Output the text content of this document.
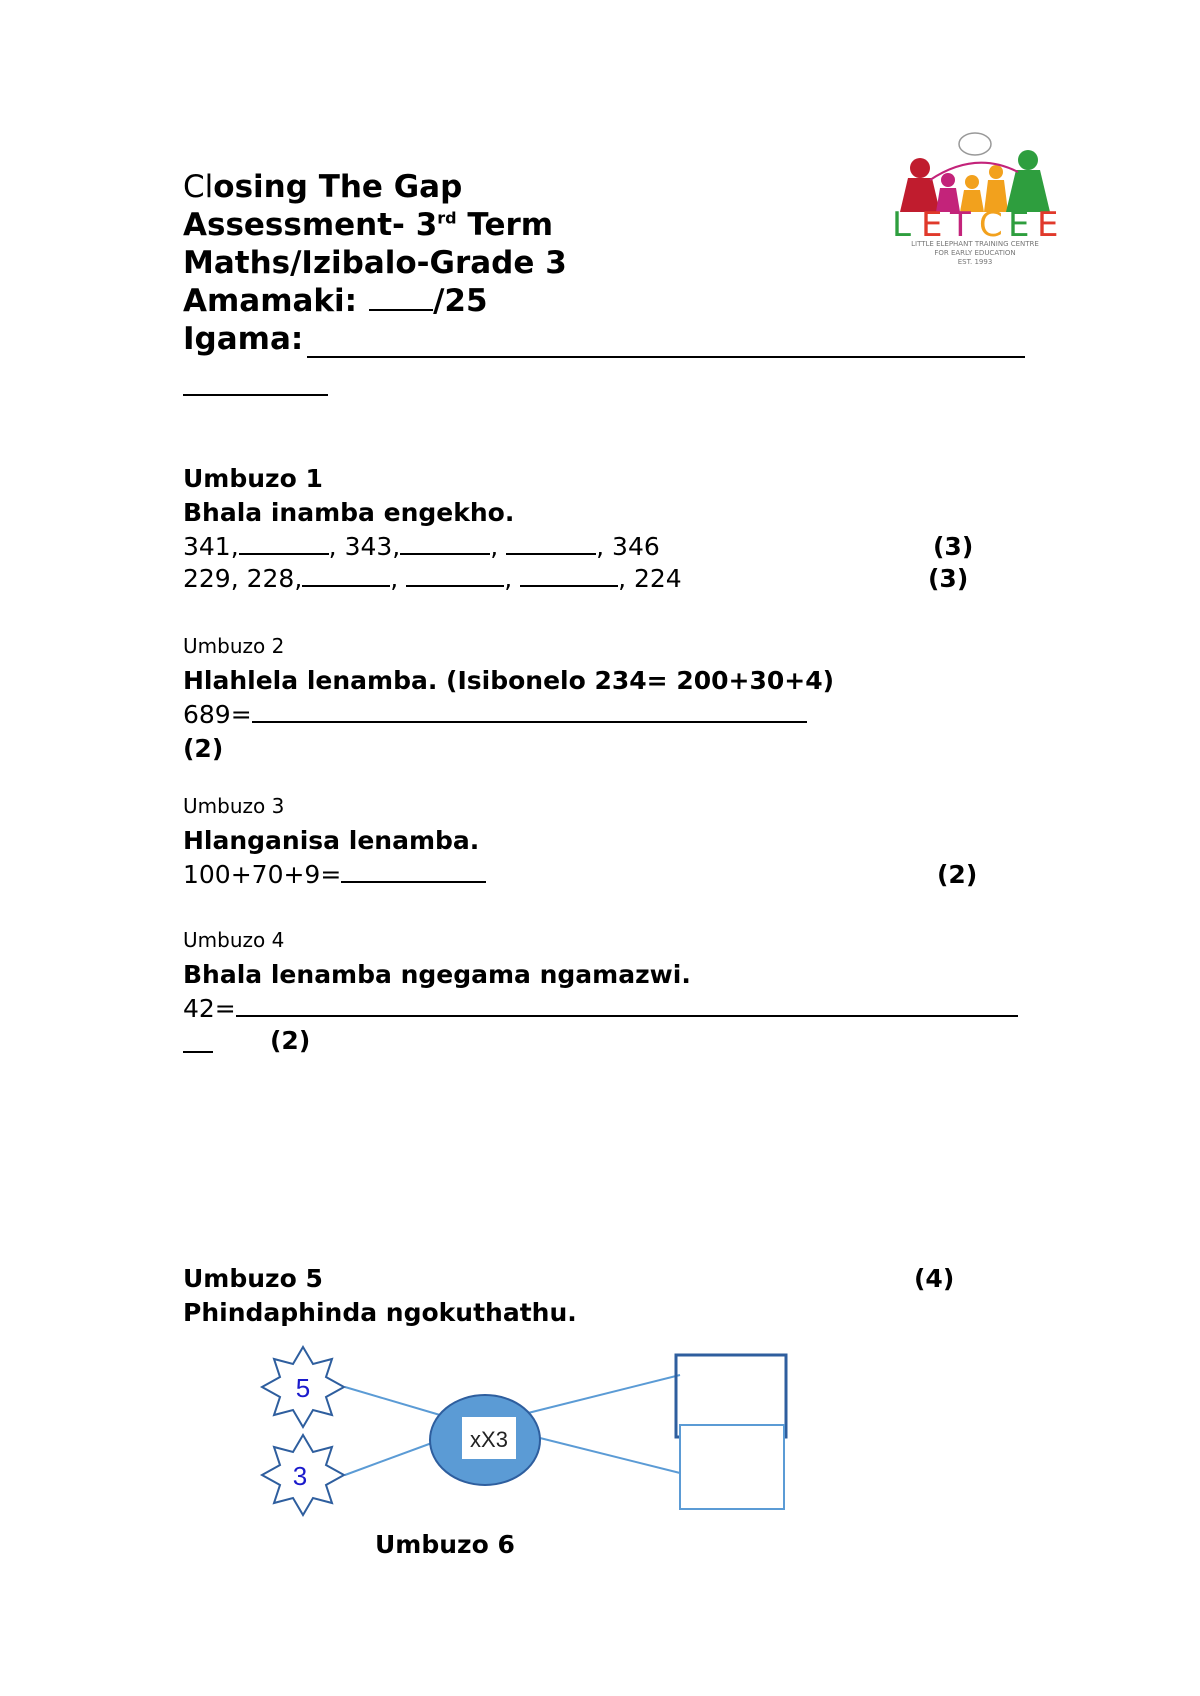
Closing The Gap
Assessment- 3rd Term
Maths/Izibalo-Grade 3
Amamaki: /25
Igama:
L E T C E E
LITTLE ELEPHANT TRAINING CENTRE
FOR EARLY EDUCATION
EST. 1993
Umbuzo 1
Bhala inamba engekho.
341,	, 343,	,	, 346	(3)
229, 228,	,	,	, 224	(3)
Umbuzo 2
Hlahlela lenamba. (Isibonelo 234= 200+30+4)
689=
(2)
Umbuzo 3
Hlanganisa lenamba.
100+70+9=	(2)
Umbuzo 4
Bhala lenamba ngegama ngamazwi.
42=
(2)
Umbuzo 5	(4)
Phindaphinda ngokuthathu.
5
3
xX3
Umbuzo 6
